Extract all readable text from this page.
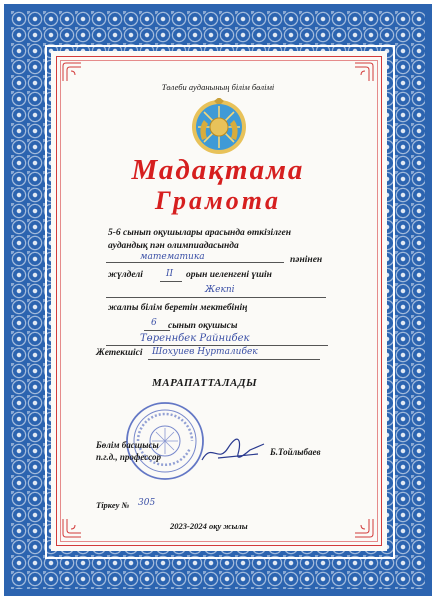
Төлеби ауданының білім бөлімі
Мадақтама
Грамота
5-6 сынып оқушылары арасында өткізілген
аудандық пән олимпиадасында
математика	пәнінен
жүлделі	ІІ орын иеленгені үшін
Жекпі
жалпы білім беретін мектебінің
6 сынып оқушысы
Төреннбек Райнибек
Жетекшісі Шохуиев Нурталибек
МАРАПАТТАЛАДЫ
Бөлім басшысы
п.г.д., профессор	Б.Тойлыбаев
Тіркеу № 305
2023-2024 оқу жылы
